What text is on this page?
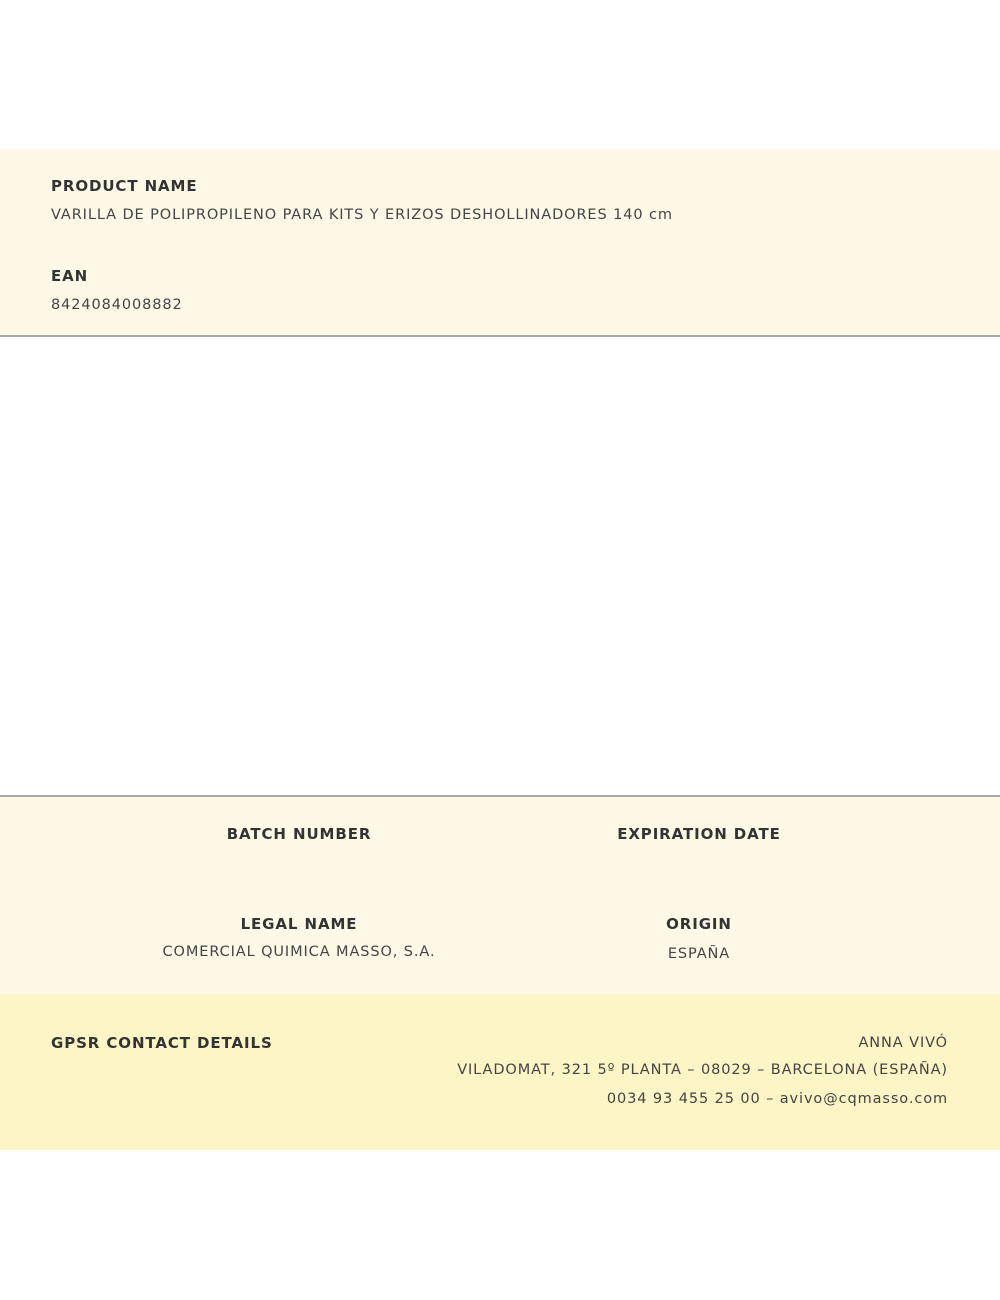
PRODUCT NAME
VARILLA DE POLIPROPILENO PARA KITS Y ERIZOS DESHOLLINADORES 140 cm
EAN
8424084008882
BATCH NUMBER	EXPIRATION DATE
LEGAL NAME
COMERCIAL QUIMICA MASSO, S.A.
ORIGIN
ESPAÑA
GPSR CONTACT DETAILS	ANNA VIVÓ
VILADOMAT, 321 5º PLANTA – 08029 – BARCELONA (ESPAÑA)
0034 93 455 25 00 – avivo@cqmasso.com
